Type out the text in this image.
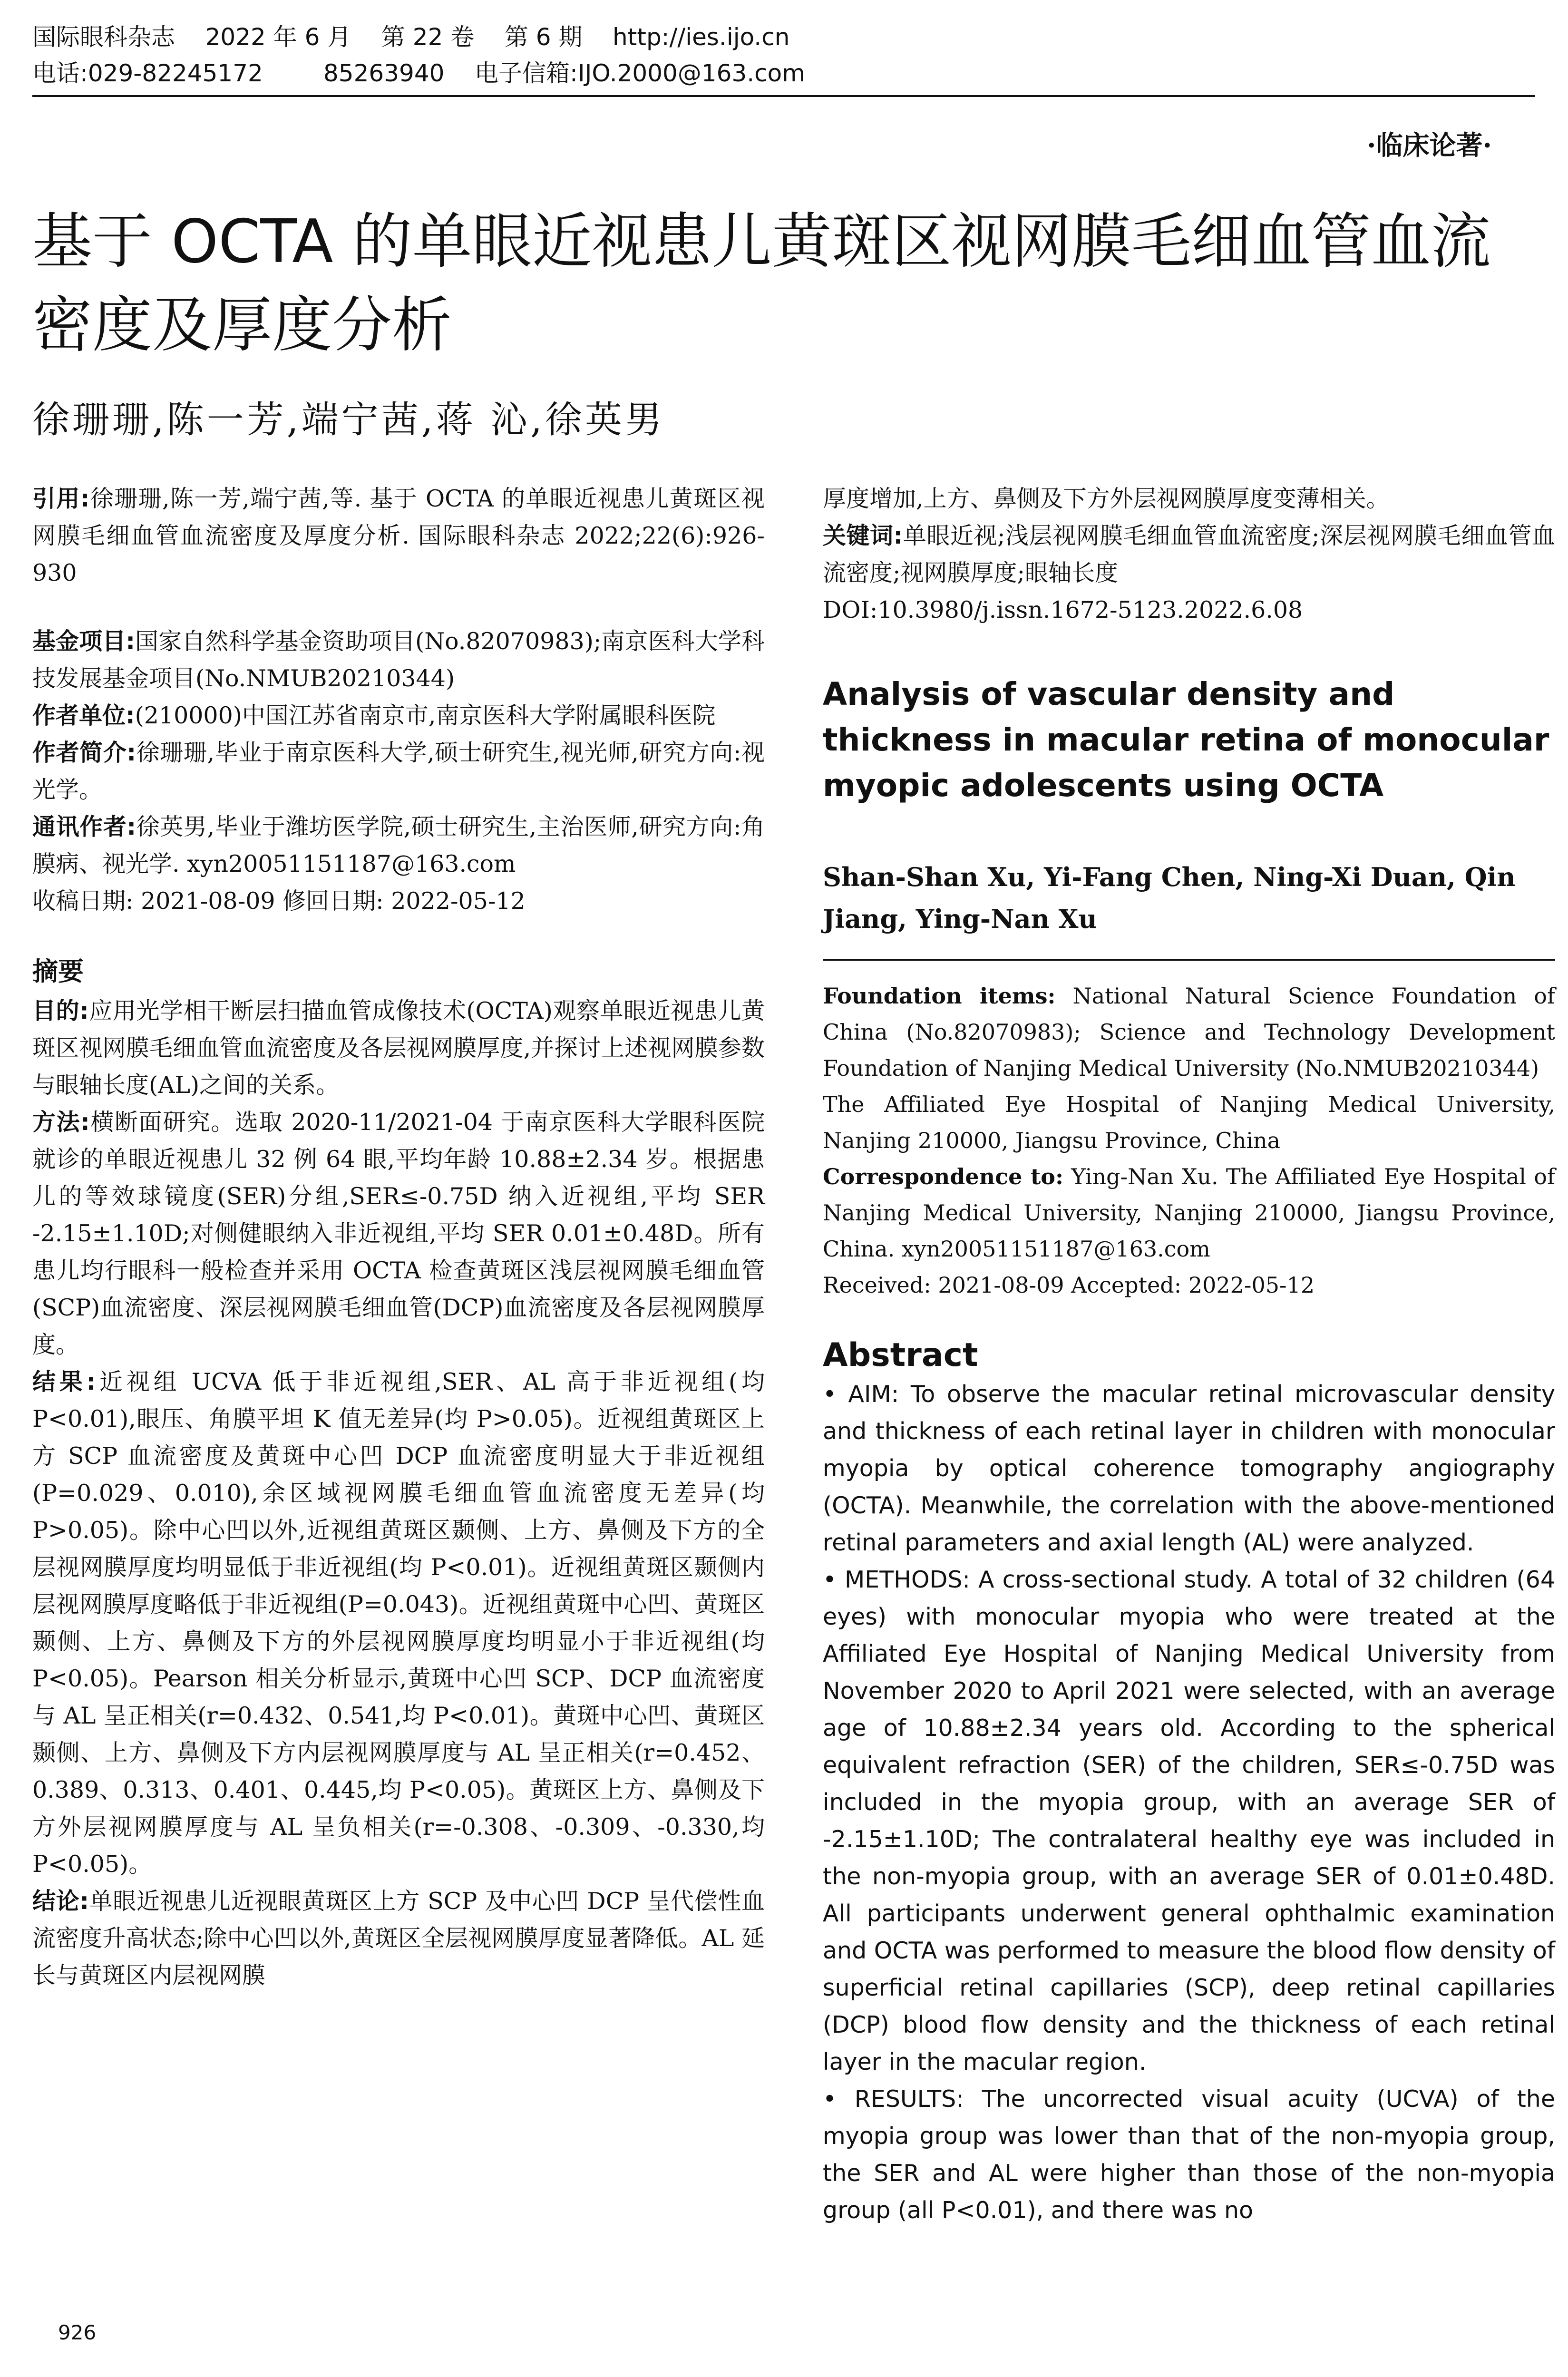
国际眼科杂志    2022 年 6 月    第 22 卷    第 6 期    http://ies.ijo.cn
电话:029-82245172        85263940    电子信箱:IJO.2000@163.com
·临床论著·
基于 OCTA 的单眼近视患儿黄斑区视网膜毛细血管血流密度及厚度分析
徐珊珊,陈一芳,端宁茜,蒋 沁,徐英男

引用:徐珊珊,陈一芳,端宁茜,等. 基于 OCTA 的单眼近视患儿黄斑区视网膜毛细血管血流密度及厚度分析. 国际眼科杂志 2022;22(6):926-930

基金项目:国家自然科学基金资助项目(No.82070983);南京医科大学科技发展基金项目(No.NMUB20210344)

作者单位:(210000)中国江苏省南京市,南京医科大学附属眼科医院

作者简介:徐珊珊,毕业于南京医科大学,硕士研究生,视光师,研究方向:视光学。

通讯作者:徐英男,毕业于潍坊医学院,硕士研究生,主治医师,研究方向:角膜病、视光学. xyn20051151187@163.com

收稿日期: 2021-08-09 修回日期: 2022-05-12

摘要

目的:应用光学相干断层扫描血管成像技术(OCTA)观察单眼近视患儿黄斑区视网膜毛细血管血流密度及各层视网膜厚度,并探讨上述视网膜参数与眼轴长度(AL)之间的关系。

方法:横断面研究。选取 2020-11/2021-04 于南京医科大学眼科医院就诊的单眼近视患儿 32 例 64 眼,平均年龄 10.88±2.34 岁。根据患儿的等效球镜度(SER)分组,SER≤-0.75D 纳入近视组,平均 SER -2.15±1.10D;对侧健眼纳入非近视组,平均 SER 0.01±0.48D。所有患儿均行眼科一般检查并采用 OCTA 检查黄斑区浅层视网膜毛细血管(SCP)血流密度、深层视网膜毛细血管(DCP)血流密度及各层视网膜厚度。

结果:近视组 UCVA 低于非近视组,SER、AL 高于非近视组(均 P<0.01),眼压、角膜平坦 K 值无差异(均 P>0.05)。近视组黄斑区上方 SCP 血流密度及黄斑中心凹 DCP 血流密度明显大于非近视组(P=0.029、0.010),余区域视网膜毛细血管血流密度无差异(均 P>0.05)。除中心凹以外,近视组黄斑区颞侧、上方、鼻侧及下方的全层视网膜厚度均明显低于非近视组(均 P<0.01)。近视组黄斑区颞侧内层视网膜厚度略低于非近视组(P=0.043)。近视组黄斑中心凹、黄斑区颞侧、上方、鼻侧及下方的外层视网膜厚度均明显小于非近视组(均 P<0.05)。Pearson 相关分析显示,黄斑中心凹 SCP、DCP 血流密度与 AL 呈正相关(r=0.432、0.541,均 P<0.01)。黄斑中心凹、黄斑区颞侧、上方、鼻侧及下方内层视网膜厚度与 AL 呈正相关(r=0.452、0.389、0.313、0.401、0.445,均 P<0.05)。黄斑区上方、鼻侧及下方外层视网膜厚度与 AL 呈负相关(r=-0.308、-0.309、-0.330,均 P<0.05)。

结论:单眼近视患儿近视眼黄斑区上方 SCP 及中心凹 DCP 呈代偿性血流密度升高状态;除中心凹以外,黄斑区全层视网膜厚度显著降低。AL 延长与黄斑区内层视网膜

厚度增加,上方、鼻侧及下方外层视网膜厚度变薄相关。

关键词:单眼近视;浅层视网膜毛细血管血流密度;深层视网膜毛细血管血流密度;视网膜厚度;眼轴长度

DOI:10.3980/j.issn.1672-5123.2022.6.08

Analysis of vascular density and thickness in macular retina of monocular myopic adolescents using OCTA

Shan-Shan Xu, Yi-Fang Chen, Ning-Xi Duan, Qin Jiang, Ying-Nan Xu

Foundation items: National Natural Science Foundation of China (No.82070983); Science and Technology Development Foundation of Nanjing Medical University (No.NMUB20210344)

The Affiliated Eye Hospital of Nanjing Medical University, Nanjing 210000, Jiangsu Province, China

Correspondence to: Ying-Nan Xu. The Affiliated Eye Hospital of Nanjing Medical University, Nanjing 210000, Jiangsu Province, China. xyn20051151187@163.com

Received: 2021-08-09 Accepted: 2022-05-12

Abstract

• AIM: To observe the macular retinal microvascular density and thickness of each retinal layer in children with monocular myopia by optical coherence tomography angiography (OCTA). Meanwhile, the correlation with the above-mentioned retinal parameters and axial length (AL) were analyzed.

• METHODS: A cross-sectional study. A total of 32 children (64 eyes) with monocular myopia who were treated at the Affiliated Eye Hospital of Nanjing Medical University from November 2020 to April 2021 were selected, with an average age of 10.88±2.34 years old. According to the spherical equivalent refraction (SER) of the children, SER≤-0.75D was included in the myopia group, with an average SER of -2.15±1.10D; The contralateral healthy eye was included in the non-myopia group, with an average SER of 0.01±0.48D. All participants underwent general ophthalmic examination and OCTA was performed to measure the blood flow density of superficial retinal capillaries (SCP), deep retinal capillaries (DCP) blood flow density and the thickness of each retinal layer in the macular region.

• RESULTS: The uncorrected visual acuity (UCVA) of the myopia group was lower than that of the non-myopia group, the SER and AL were higher than those of the non-myopia group (all P<0.01), and there was no

926
